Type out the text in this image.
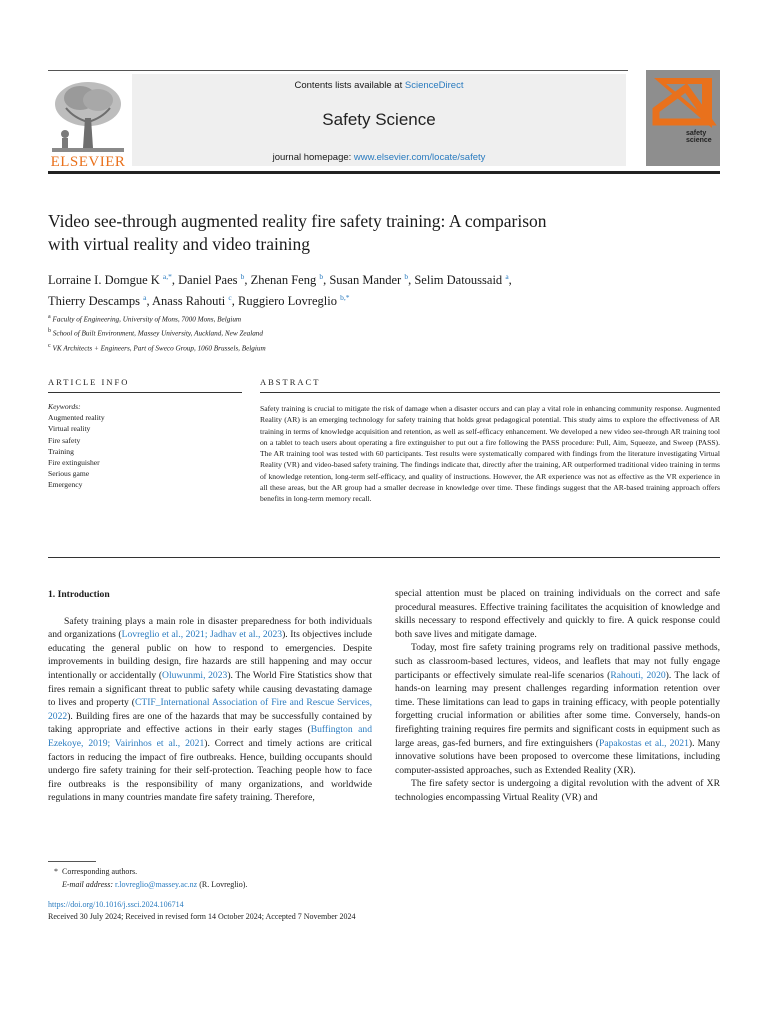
ELSEVIER
Contents lists available at ScienceDirect
Safety Science
journal homepage: www.elsevier.com/locate/safety
safety
science
Video see-through augmented reality fire safety training: A comparison
with virtual reality and video training
Lorraine I. Domgue K $^{a,*}$, Daniel Paes $^b$, Zhenan Feng $^b$, Susan Mander $^b$, Selim Datoussaid $^a$,
Thierry Descamps $^a$, Anass Rahouti $^c$, Ruggiero Lovreglio $^{b,*}$
$^a$ Faculty of Engineering, University of Mons, 7000 Mons, Belgium
$^b$ School of Built Environment, Massey University, Auckland, New Zealand
$^c$ VK Architects + Engineers, Part of Sweco Group, 1060 Brussels, Belgium
ARTICLE INFO	ABSTRACT
Keywords:
Augmented reality
Virtual reality
Fire safety
Training
Fire extinguisher
Serious game
Emergency
Safety training is crucial to mitigate the risk of damage when a disaster occurs and can play a vital role in enhancing community response. Augmented Reality (AR) is an emerging technology for safety training that holds great pedagogical potential. This study aims to explore the effectiveness of AR training in terms of knowledge acquisition and retention, as well as self-efficacy enhancement. We developed a new video see-through AR training tool on a tablet to teach users about operating a fire extinguisher to put out a fire following the PASS procedure: Pull, Aim, Squeeze, and Sweep (PASS). The AR training tool was tested with 60 participants. Test results were systematically compared with findings from the literature investigating Virtual Reality (VR) and video-based safety training. The findings indicate that, directly after the training, AR outperformed traditional video training in terms of knowledge retention, long-term self-efficacy, and quality of instructions. However, the AR experience was not as effective as the VR experience in all these areas, but the AR group had a smaller decrease in knowledge over time. These findings suggest that the AR-based training approach offers benefits in long-term memory recall.

1. Introduction

Safety training plays a main role in disaster preparedness for both individuals and organizations (Lovreglio et al., 2021; Jadhav et al., 2023). Its objectives include educating the general public on how to respond to emergencies. Despite improvements in building design, fire hazards are still happening and may occur intentionally or accidentally (Oluwunmi, 2023). The World Fire Statistics show that fires remain a significant threat to public safety while causing devastating damage to lives and property (CTIF_International Association of Fire and Rescue Services, 2022). Building fires are one of the hazards that may be successfully contained by taking appropriate and effective actions in their early stages (Buffington and Ezekoye, 2019; Vairinhos et al., 2021). Correct and timely actions are critical factors in reducing the impact of fire outbreaks. Hence, building occupants should undergo fire safety training for their self-protection. Teaching people how to face fire outbreaks is the responsibility of many organizations, and worldwide regulations in many countries mandate fire safety training. Therefore,

special attention must be placed on training individuals on the correct and safe procedural measures. Effective training facilitates the acquisition of knowledge and skills necessary to respond effectively and quickly to fire. A quick response could both save lives and mitigate damage.

Today, most fire safety training programs rely on traditional passive methods, such as classroom-based lectures, videos, and leaflets that may not fully engage participants or effectively simulate real-life scenarios (Rahouti, 2020). The lack of hands-on learning may present challenges regarding information retention over time. These limitations can lead to gaps in training efficacy, with people potentially forgetting crucial information or abilities after some time. Conversely, hands-on firefighting training requires fire permits and significant costs in equipment such as large areas, gas-fed burners, and fire extinguishers (Papakostas et al., 2021). Many innovative solutions have been proposed to overcome these limitations, including computer-assisted approaches, such as Extended Reality (XR).

The fire safety sector is undergoing a digital revolution with the advent of XR technologies encompassing Virtual Reality (VR) and

*  Corresponding authors.
E-mail address: r.lovreglio@massey.ac.nz (R. Lovreglio).
https://doi.org/10.1016/j.ssci.2024.106714
Received 30 July 2024; Received in revised form 14 October 2024; Accepted 7 November 2024
